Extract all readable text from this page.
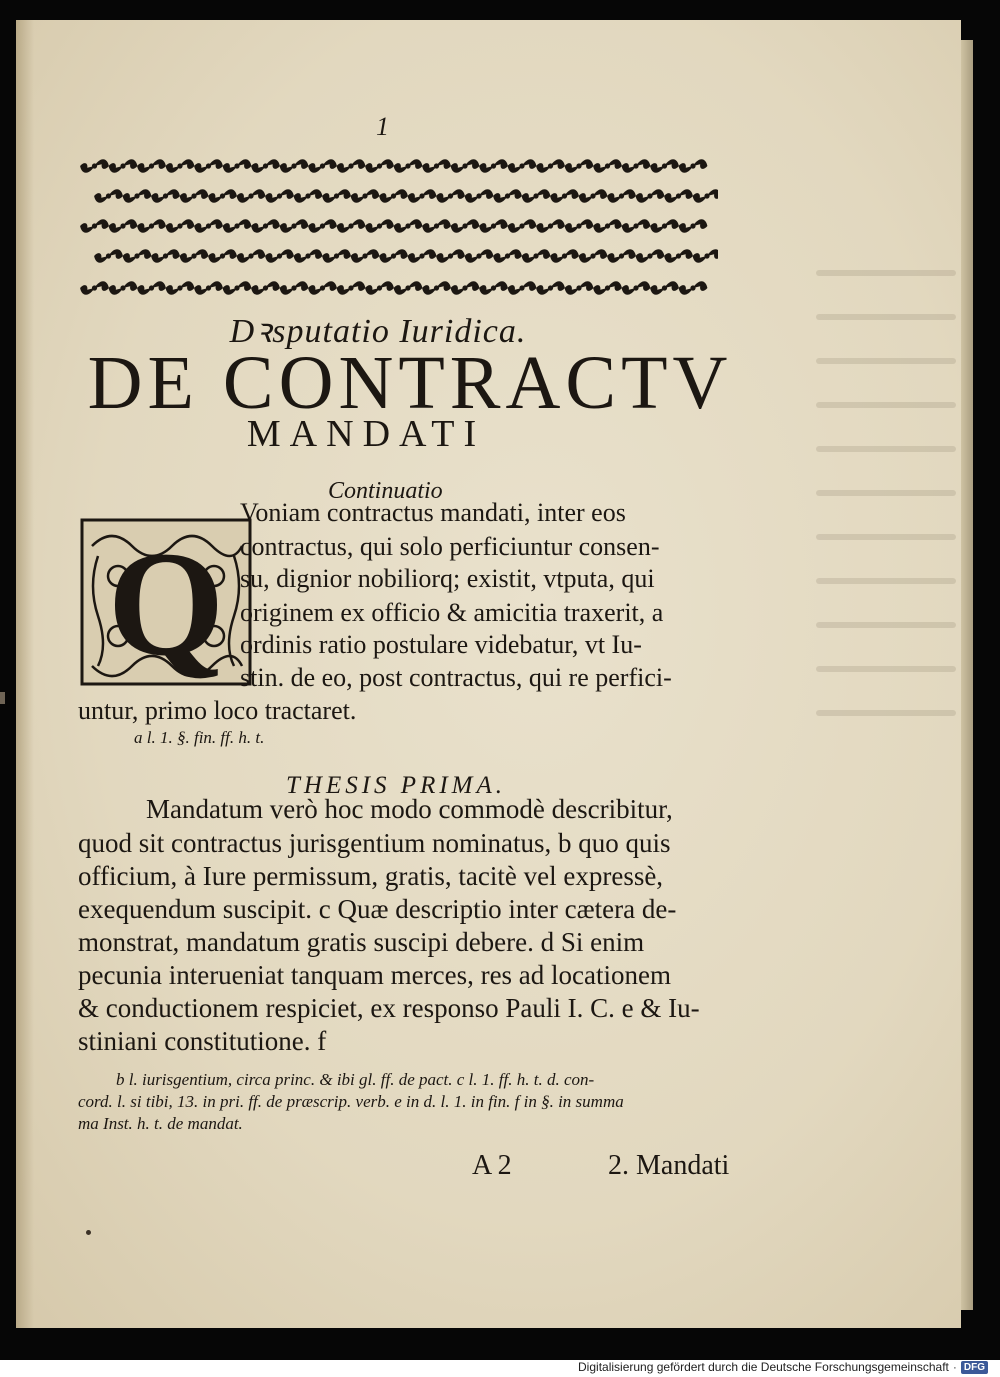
1
Dꝛsputatio Iuridica.
DE CONTRACTV
MANDATI
Continuatio
Q
Voniam contractus mandati, inter eos
contractus, qui solo perficiuntur consen-
su, dignior nobiliorq; existit, vtputa, qui
originem ex officio & amicitia traxerit, a
ordinis ratio postulare videbatur, vt Iu-
stin. de eo, post contractus, qui re perfici-
untur, primo loco tractaret.
a l. 1. §. fin. ff. h. t.
THESIS PRIMA.
Mandatum verò hoc modo commodè describitur,
quod sit contractus jurisgentium nominatus, b quo quis
officium, à Iure permissum, gratis, tacitè vel expressè,
exequendum suscipit. c Quæ descriptio inter cætera de-
monstrat, mandatum gratis suscipi debere. d Si enim
pecunia interueniat tanquam merces, res ad locationem
& conductionem respiciet, ex responso Pauli I. C. e & Iu-
stiniani constitutione. f
b l. iurisgentium, circa princ. & ibi gl. ff. de pact. c l. 1. ff. h. t. d. con-
cord. l. si tibi, 13. in pri. ff. de præscrip. verb. e in d. l. 1. in fin. f in §. in summa
ma Inst. h. t. de mandat.
A 2	2. Mandati
Digitalisierung gefördert durch die Deutsche Forschungsgemeinschaft · DFG
